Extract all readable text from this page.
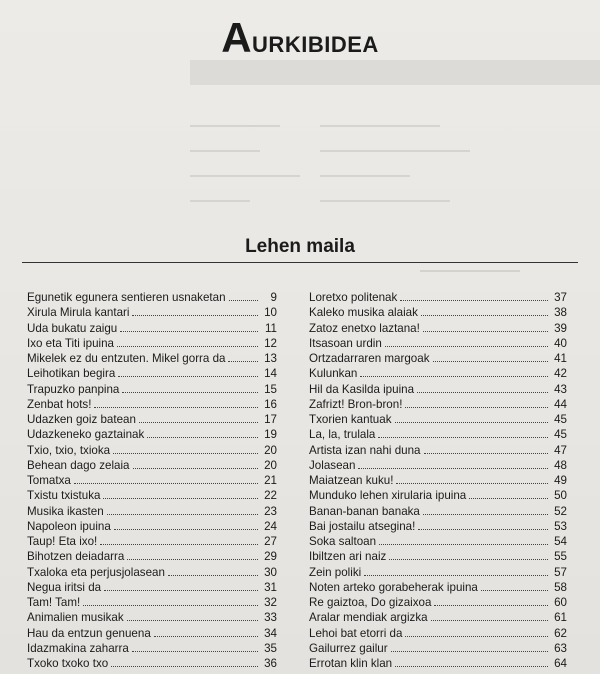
AURKIBIDEA
Lehen maila
Egunetik egunera sentieren usnaketan	9
Xirula Mirula kantari	10
Uda bukatu zaigu	11
Ixo eta Titi ipuina	12
Mikelek ez du entzuten. Mikel gorra da	13
Leihotikan begira	14
Trapuzko panpina	15
Zenbat hots!	16
Udazken goiz batean	17
Udazkeneko gaztainak	19
Txio, txio, txioka	20
Behean dago zelaia	20
Tomatxa	21
Txistu txistuka	22
Musika ikasten	23
Napoleon ipuina	24
Taup! Eta ixo!	27
Bihotzen deiadarra	29
Txaloka eta perjusjolasean	30
Negua iritsi da	31
Tam! Tam!	32
Animalien musikak	33
Hau da entzun genuena	34
Idazmakina zaharra	35
Txoko txoko txo	36
Loretxo politenak	37
Kaleko musika alaiak	38
Zatoz enetxo laztana!	39
Itsasoan urdin	40
Ortzadarraren margoak	41
Kulunkan	42
Hil da Kasilda ipuina	43
Zafrizt! Bron-bron!	44
Txorien kantuak	45
La, la, trulala	45
Artista izan nahi duna	47
Jolasean	48
Maiatzean kuku!	49
Munduko lehen xirularia ipuina	50
Banan-banan banaka	52
Bai jostailu atsegina!	53
Soka saltoan	54
Ibiltzen ari naiz	55
Zein poliki	57
Noten arteko gorabeherak ipuina	58
Re gaiztoa, Do gizaixoa	60
Aralar mendiak argizka	61
Lehoi bat etorri da	62
Gailurrez gailur	63
Errotan klin klan	64
